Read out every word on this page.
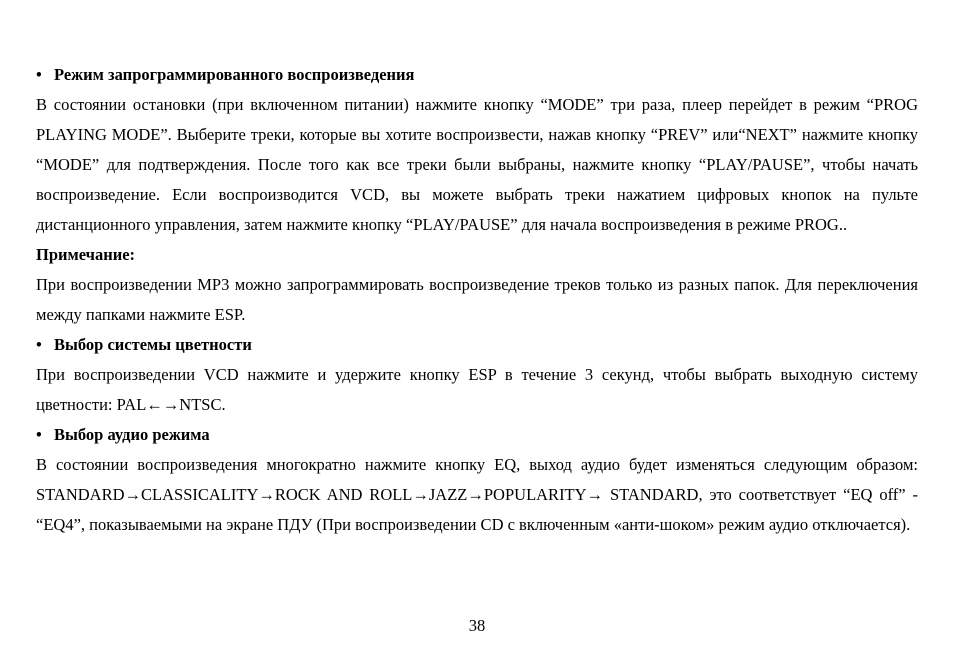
• Режим запрограммированного воспроизведения

В состоянии остановки (при включенном питании) нажмите кнопку “MODE” три раза, плеер перейдет в режим “PROG PLAYING MODE”. Выберите треки, которые вы хотите воспроизвести, нажав кнопку “PREV” или“NEXT” нажмите кнопку “MODE” для подтверждения. После того как все треки были выбраны, нажмите кнопку “PLAY/PAUSE”, чтобы начать воспроизведение. Если воспроизводится VCD, вы можете выбрать треки нажатием цифровых кнопок на пульте дистанционного управления, затем нажмите кнопку “PLAY/PAUSE” для начала воспроизведения в режиме PROG..

Примечание:

При воспроизведении MP3 можно запрограммировать воспроизведение треков только из разных папок. Для переключения между папками нажмите ESP.

• Выбор системы цветности

При воспроизведении VCD нажмите и удержите кнопку ESP в течение 3 секунд, чтобы выбрать выходную систему цветности: PAL←→NTSC.

• Выбор аудио режима

В состоянии воспроизведения многократно нажмите кнопку EQ, выход аудио будет изменяться следующим образом: STANDARD→CLASSICALITY→ROCK AND ROLL→JAZZ→POPULARITY→ STANDARD, это соответствует “EQ off” - “EQ4”, показываемыми на экране ПДУ (При воспроизведении CD с включенным «анти-шоком» режим аудио отключается).

38
